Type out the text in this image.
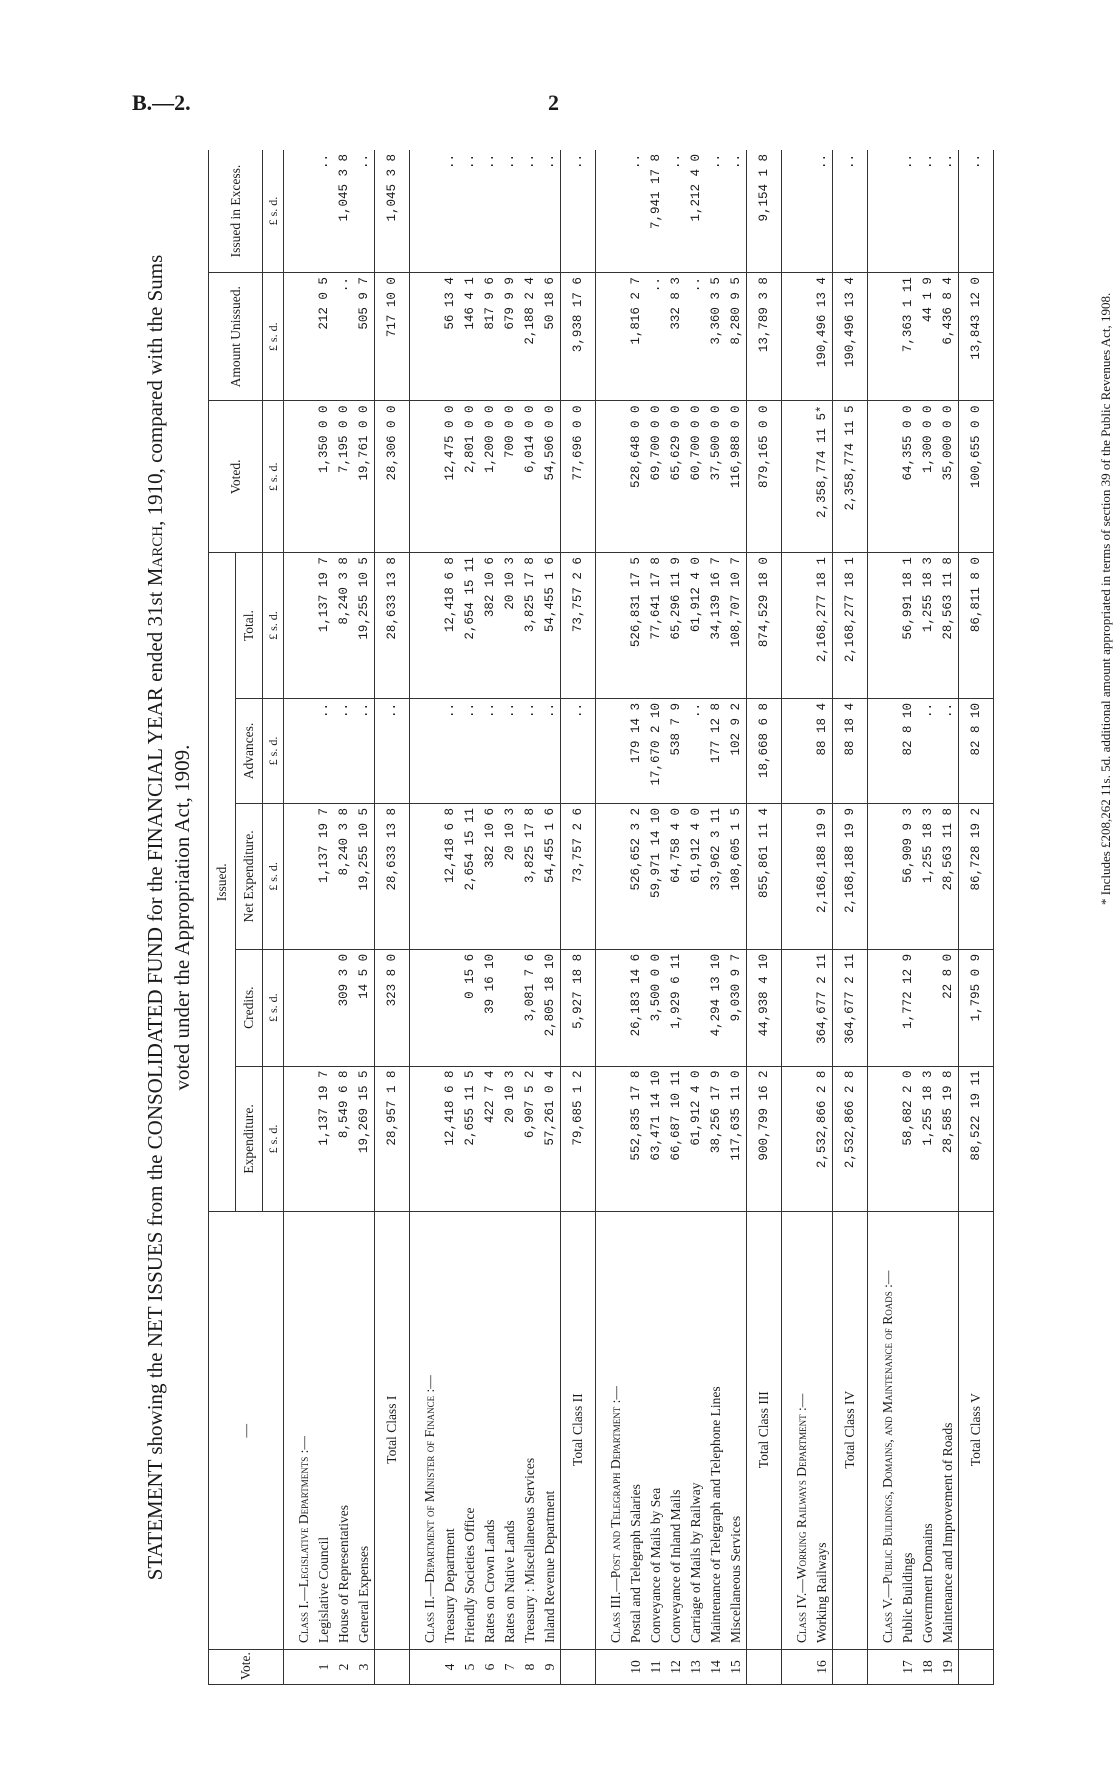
B.—2.	2
STATEMENT showing the NET ISSUES from the CONSOLIDATED FUND for the FINANCIAL YEAR ended 31st March, 1910, compared with the Sums
voted under the Appropriation Act, 1909.
Vote.	—	Issued.					Voted.	Amount Unissued.	Issued in Excess.
		Expenditure.	Credits.	Net Expenditure.	Advances.	Total.			
		£ s. d.	£ s. d.	£ s. d.	£ s. d.	£ s. d.	£ s. d.	£ s. d.	£ s. d.

	Class I.—Legislative Departments :—								
1	Legislative Council	1,137 19 7		1,137 19 7	..	1,137 19 7	1,350 0 0	212 0 5	..
2	House of Representatives	8,549 6 8	309 3 0	8,240 3 8	..	8,240 3 8	7,195 0 0	..	1,045 3 8
3	General Expenses	19,269 15 5	14 5 0	19,255 10 5	..	19,255 10 5	19,761 0 0	505 9 7	..
	Total Class I	28,957 1 8	323 8 0	28,633 13 8	..	28,633 13 8	28,306 0 0	717 10 0	1,045 3 8

	Class II.—Department of Minister of Finance :—								
4	Treasury Department	12,418 6 8		12,418 6 8	..	12,418 6 8	12,475 0 0	56 13 4	..
5	Friendly Societies Office	2,655 11 5	0 15 6	2,654 15 11	..	2,654 15 11	2,801 0 0	146 4 1	..
6	Rates on Crown Lands	422 7 4	39 16 10	382 10 6	..	382 10 6	1,200 0 0	817 9 6	..
7	Rates on Native Lands	20 10 3		20 10 3	..	20 10 3	700 0 0	679 9 9	..
8	Treasury : Miscellaneous Services	6,907 5 2	3,081 7 6	3,825 17 8	..	3,825 17 8	6,014 0 0	2,188 2 4	..
9	Inland Revenue Department	57,261 0 4	2,805 18 10	54,455 1 6	..	54,455 1 6	54,506 0 0	50 18 6	..
	Total Class II	79,685 1 2	5,927 18 8	73,757 2 6	..	73,757 2 6	77,696 0 0	3,938 17 6	..

	Class III.—Post and Telegraph Department :—								
10	Postal and Telegraph Salaries	552,835 17 8	26,183 14 6	526,652 3 2	179 14 3	526,831 17 5	528,648 0 0	1,816 2 7	..
11	Conveyance of Mails by Sea	63,471 14 10	3,500 0 0	59,971 14 10	17,670 2 10	77,641 17 8	69,700 0 0	..	7,941 17 8
12	Conveyance of Inland Mails	66,687 10 11	1,929 6 11	64,758 4 0	538 7 9	65,296 11 9	65,629 0 0	332 8 3	..
13	Carriage of Mails by Railway	61,912 4 0		61,912 4 0	..	61,912 4 0	60,700 0 0	..	1,212 4 0
14	Maintenance of Telegraph and Telephone Lines	38,256 17 9	4,294 13 10	33,962 3 11	177 12 8	34,139 16 7	37,500 0 0	3,360 3 5	..
15	Miscellaneous Services	117,635 11 0	9,030 9 7	108,605 1 5	102 9 2	108,707 10 7	116,988 0 0	8,280 9 5	..
	Total Class III	900,799 16 2	44,938 4 10	855,861 11 4	18,668 6 8	874,529 18 0	879,165 0 0	13,789 3 8	9,154 1 8

	Class IV.—Working Railways Department :—								
16	Working Railways	2,532,866 2 8	364,677 2 11	2,168,188 19 9	88 18 4	2,168,277 18 1	2,358,774 11 5*	190,496 13 4	..
	Total Class IV	2,532,866 2 8	364,677 2 11	2,168,188 19 9	88 18 4	2,168,277 18 1	2,358,774 11 5	190,496 13 4	..

	Class V.—Public Buildings, Domains, and Maintenance of Roads :—								
17	Public Buildings	58,682 2 0	1,772 12 9	56,909 9 3	82 8 10	56,991 18 1	64,355 0 0	7,363 1 11	..
18	Government Domains	1,255 18 3		1,255 18 3	..	1,255 18 3	1,300 0 0	44 1 9	..
19	Maintenance and Improvement of Roads	28,585 19 8	22 8 0	28,563 11 8	..	28,563 11 8	35,000 0 0	6,436 8 4	..
	Total Class V	88,522 19 11	1,795 0 9	86,728 19 2	82 8 10	86,811 8 0	100,655 0 0	13,843 12 0	..
* Includes £208,262 11s. 5d. additional amount appropriated in terms of section 39 of the Public Revenues Act, 1908.
